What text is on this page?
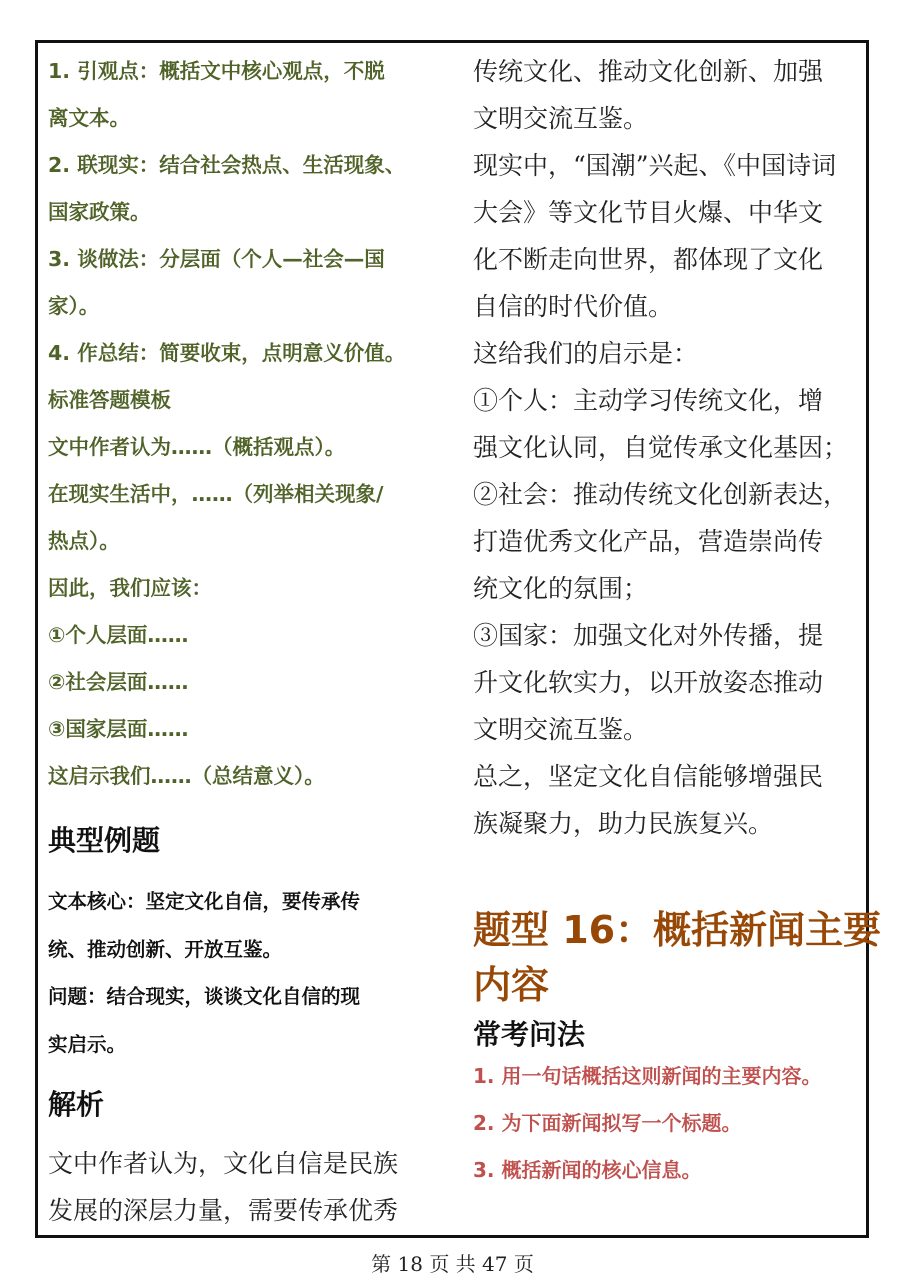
1. 引观点：概括文中核心观点，不脱
离文本。
2. 联现实：结合社会热点、生活现象、
国家政策。
3. 谈做法：分层面（个人—社会—国
家）。
4. 作总结：简要收束，点明意义价值。
标准答题模板
文中作者认为……（概括观点）。
在现实生活中，……（列举相关现象/
热点）。
因此，我们应该：
①个人层面……
②社会层面……
③国家层面……
这启示我们……（总结意义）。
典型例题
文本核心：坚定文化自信，要传承传
统、推动创新、开放互鉴。
问题：结合现实，谈谈文化自信的现
实启示。
解析
文中作者认为，文化自信是民族
发展的深层力量，需要传承优秀
传统文化、推动文化创新、加强
文明交流互鉴。
现实中，“国潮”兴起、《中国诗词
大会》等文化节目火爆、中华文
化不断走向世界，都体现了文化
自信的时代价值。
这给我们的启示是：
①个人：主动学习传统文化，增
强文化认同，自觉传承文化基因；
②社会：推动传统文化创新表达，
打造优秀文化产品，营造崇尚传
统文化的氛围；
③国家：加强文化对外传播，提
升文化软实力，以开放姿态推动
文明交流互鉴。
总之，坚定文化自信能够增强民
族凝聚力，助力民族复兴。
题型 16：概括新闻主要
内容
常考问法
1. 用一句话概括这则新闻的主要内容。
2. 为下面新闻拟写一个标题。
3. 概括新闻的核心信息。
第 18 页 共 47 页
